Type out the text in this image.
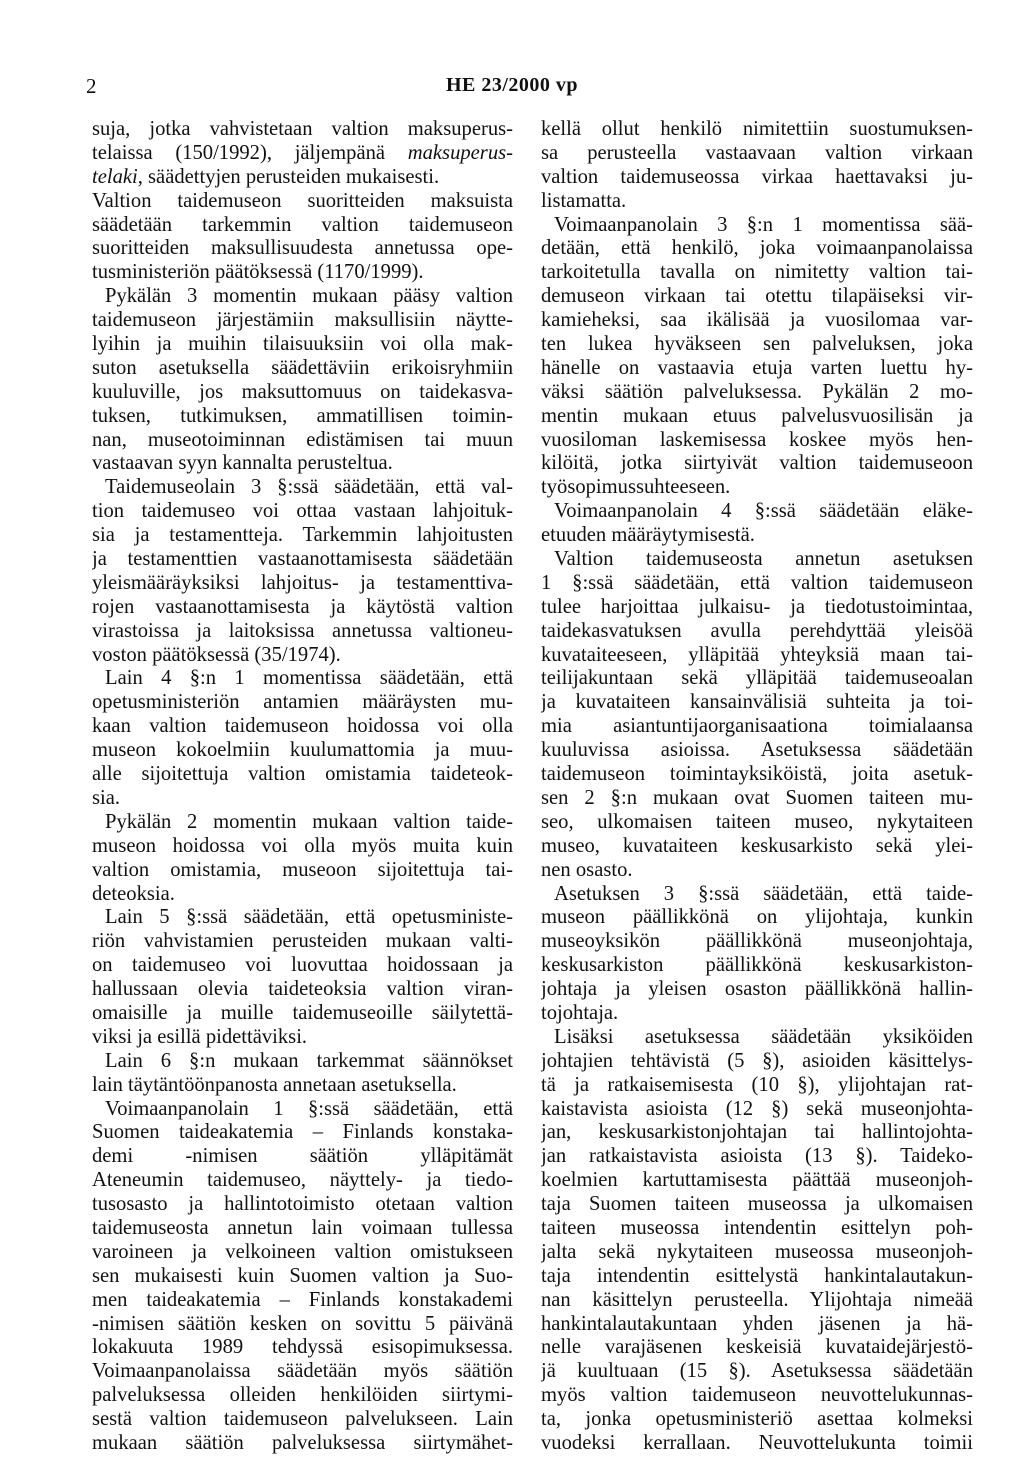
2	HE 23/2000 vp
suja, jotka vahvistetaan valtion maksuperus-
telaissa (150/1992), jäljempänä maksuperus-
telaki, säädettyjen perusteiden mukaisesti.
Valtion taidemuseon suoritteiden maksuista
säädetään tarkemmin valtion taidemuseon
suoritteiden maksullisuudesta annetussa ope-
tusministeriön päätöksessä (1170/1999).
Pykälän 3 momentin mukaan pääsy valtion
taidemuseon järjestämiin maksullisiin näytte-
lyihin ja muihin tilaisuuksiin voi olla mak-
suton asetuksella säädettäviin erikoisryhmiin
kuuluville, jos maksuttomuus on taidekasva-
tuksen, tutkimuksen, ammatillisen toimin-
nan, museotoiminnan edistämisen tai muun
vastaavan syyn kannalta perusteltua.
Taidemuseolain 3 §:ssä säädetään, että val-
tion taidemuseo voi ottaa vastaan lahjoituk-
sia ja testamentteja. Tarkemmin lahjoitusten
ja testamenttien vastaanottamisesta säädetään
yleismääräyksiksi lahjoitus- ja testamenttiva-
rojen vastaanottamisesta ja käytöstä valtion
virastoissa ja laitoksissa annetussa valtioneu-
voston päätöksessä (35/1974).
Lain 4 §:n 1 momentissa säädetään, että
opetusministeriön antamien määräysten mu-
kaan valtion taidemuseon hoidossa voi olla
museon kokoelmiin kuulumattomia ja muu-
alle sijoitettuja valtion omistamia taideteok-
sia.
Pykälän 2 momentin mukaan valtion taide-
museon hoidossa voi olla myös muita kuin
valtion omistamia, museoon sijoitettuja tai-
deteoksia.
Lain 5 §:ssä säädetään, että opetusministe-
riön vahvistamien perusteiden mukaan valti-
on taidemuseo voi luovuttaa hoidossaan ja
hallussaan olevia taideteoksia valtion viran-
omaisille ja muille taidemuseoille säilytettä-
viksi ja esillä pidettäviksi.
Lain 6 §:n mukaan tarkemmat säännökset
lain täytäntöönpanosta annetaan asetuksella.
Voimaanpanolain 1 §:ssä säädetään, että
Suomen taideakatemia – Finlands konstaka-
demi -nimisen säätiön ylläpitämät
Ateneumin taidemuseo, näyttely- ja tiedo-
tusosasto ja hallintotoimisto otetaan valtion
taidemuseosta annetun lain voimaan tullessa
varoineen ja velkoineen valtion omistukseen
sen mukaisesti kuin Suomen valtion ja Suo-
men taideakatemia – Finlands konstakademi
-nimisen säätiön kesken on sovittu 5 päivänä
lokakuuta 1989 tehdyssä esisopimuksessa.
Voimaanpanolaissa säädetään myös säätiön
palveluksessa olleiden henkilöiden siirtymi-
sestä valtion taidemuseon palvelukseen. Lain
mukaan säätiön palveluksessa siirtymähet-
kellä ollut henkilö nimitettiin suostumuksen-
sa perusteella vastaavaan valtion virkaan
valtion taidemuseossa virkaa haettavaksi ju-
listamatta.
Voimaanpanolain 3 §:n 1 momentissa sää-
detään, että henkilö, joka voimaanpanolaissa
tarkoitetulla tavalla on nimitetty valtion tai-
demuseon virkaan tai otettu tilapäiseksi vir-
kamieheksi, saa ikälisää ja vuosilomaa var-
ten lukea hyväkseen sen palveluksen, joka
hänelle on vastaavia etuja varten luettu hy-
väksi säätiön palveluksessa. Pykälän 2 mo-
mentin mukaan etuus palvelusvuosilisän ja
vuosiloman laskemisessa koskee myös hen-
kilöitä, jotka siirtyivät valtion taidemuseoon
työsopimussuhteeseen.
Voimaanpanolain 4 §:ssä säädetään eläke-
etuuden määräytymisestä.
Valtion taidemuseosta annetun asetuksen
1 §:ssä säädetään, että valtion taidemuseon
tulee harjoittaa julkaisu- ja tiedotustoimintaa,
taidekasvatuksen avulla perehdyttää yleisöä
kuvataiteeseen, ylläpitää yhteyksiä maan tai-
teilijakuntaan sekä ylläpitää taidemuseoalan
ja kuvataiteen kansainvälisiä suhteita ja toi-
mia asiantuntijaorganisaationa toimialaansa
kuuluvissa asioissa. Asetuksessa säädetään
taidemuseon toimintayksiköistä, joita asetuk-
sen 2 §:n mukaan ovat Suomen taiteen mu-
seo, ulkomaisen taiteen museo, nykytaiteen
museo, kuvataiteen keskusarkisto sekä ylei-
nen osasto.
Asetuksen 3 §:ssä säädetään, että taide-
museon päällikkönä on ylijohtaja, kunkin
museoyksikön päällikkönä museonjohtaja,
keskusarkiston päällikkönä keskusarkiston-
johtaja ja yleisen osaston päällikkönä hallin-
tojohtaja.
Lisäksi asetuksessa säädetään yksiköiden
johtajien tehtävistä (5 §), asioiden käsittelys-
tä ja ratkaisemisesta (10 §), ylijohtajan rat-
kaistavista asioista (12 §) sekä museonjohta-
jan, keskusarkistonjohtajan tai hallintojohta-
jan ratkaistavista asioista (13 §). Taideko-
koelmien kartuttamisesta päättää museonjoh-
taja Suomen taiteen museossa ja ulkomaisen
taiteen museossa intendentin esittelyn poh-
jalta sekä nykytaiteen museossa museonjoh-
taja intendentin esittelystä hankintalautakun-
nan käsittelyn perusteella. Ylijohtaja nimeää
hankintalautakuntaan yhden jäsenen ja hä-
nelle varajäsenen keskeisiä kuvataidejärjestö-
jä kuultuaan (15 §). Asetuksessa säädetään
myös valtion taidemuseon neuvottelukunnas-
ta, jonka opetusministeriö asettaa kolmeksi
vuodeksi kerrallaan. Neuvottelukunta toimii
